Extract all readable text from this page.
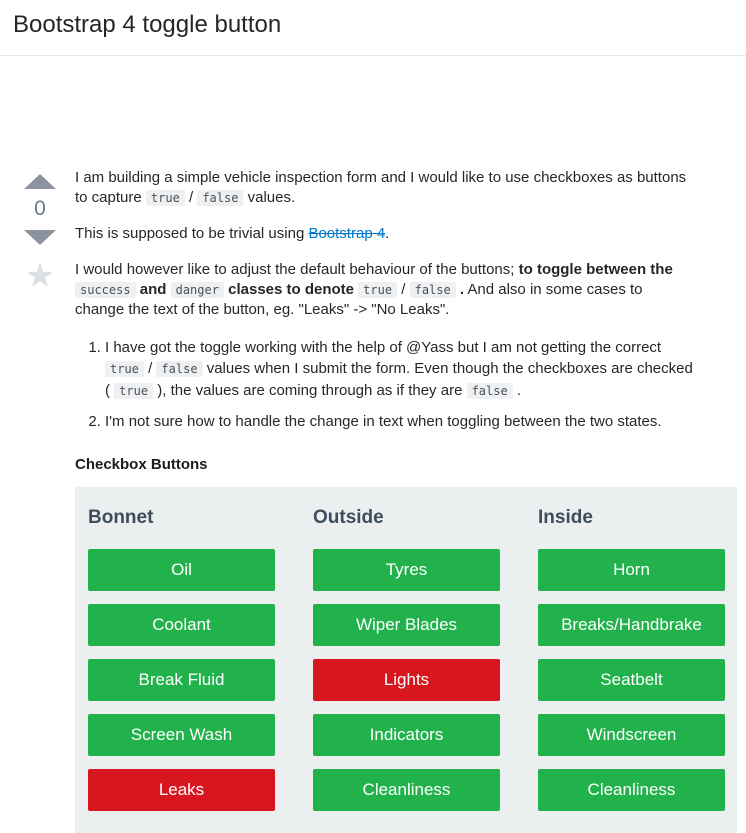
Bootstrap 4 toggle button
0
★

I am building a simple vehicle inspection form and I would like to use checkboxes as buttons to capture true / false values.

This is supposed to be trivial using Bootstrap 4.

I would however like to adjust the default behaviour of the buttons; to toggle between the success and danger classes to denote true / false . And also in some cases to change the text of the button, eg. "Leaks" -> "No Leaks".

1. I have got the toggle working with the help of @Yass but I am not getting the correct true / false values when I submit the form. Even though the checkboxes are checked ( true ), the values are coming through as if they are false .
2. I'm not sure how to handle the change in text when toggling between the two states.
Checkbox Buttons
Bonnet
Oil
Coolant
Break Fluid
Screen Wash
Leaks
Outside
Tyres
Wiper Blades
Lights
Indicators
Cleanliness
Inside
Horn
Breaks/Handbrake
Seatbelt
Windscreen
Cleanliness
